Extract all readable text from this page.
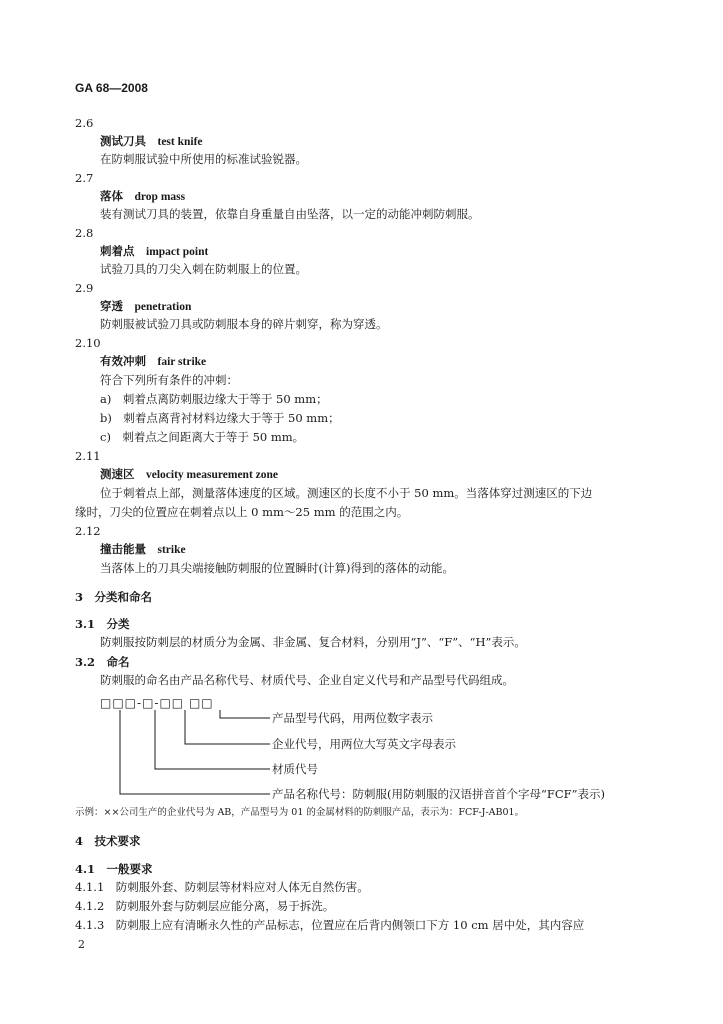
GA 68—2008
2.6
测试刀具　 test knife
在防刺服试验中所使用的标准试验锐器。
2.7
落体　 drop mass
装有测试刀具的装置，依靠自身重量自由坠落，以一定的动能冲刺防刺服。
2.8
刺着点　 impact point
试验刀具的刀尖入刺在防刺服上的位置。
2.9
穿透　 penetration
防刺服被试验刀具或防刺服本身的碎片刺穿，称为穿透。
2.10
有效冲刺　 fair strike
符合下列所有条件的冲刺：
a)　刺着点离防刺服边缘大于等于 50 mm；
b)　刺着点离背衬材料边缘大于等于 50 mm；
c)　刺着点之间距离大于等于 50 mm。
2.11
测速区　 velocity measurement zone
位于刺着点上部，测量落体速度的区域。测速区的长度不小于 50 mm。当落体穿过测速区的下边
缘时，刀尖的位置应在刺着点以上 0 mm～25 mm 的范围之内。
2.12
撞击能量　 strike
当落体上的刀具尖端接触防刺服的位置瞬时(计算)得到的落体的动能。
3　分类和命名
3.1　分类
防刺服按防刺层的材质分为金属、非金属、复合材料，分别用“J”、“F”、“H”表示。
3.2　命名
防刺服的命名由产品名称代号、材质代号、企业自定义代号和产品型号代码组成。
□□□-□-□□ □□
产品型号代码，用两位数字表示
企业代号，用两位大写英文字母表示
材质代号
产品名称代号：防刺服(用防刺服的汉语拼音首个字母“FCF”表示)
示例：××公司生产的企业代号为 AB，产品型号为 01 的金属材料的防刺服产品，表示为：FCF-J-AB01。
4　技术要求
4.1　一般要求
4.1.1　防刺服外套、防刺层等材料应对人体无自然伤害。
4.1.2　防刺服外套与防刺层应能分离，易于拆洗。
4.1.3　防刺服上应有清晰永久性的产品标志，位置应在后背内侧领口下方 10 cm 居中处，其内容应
2
